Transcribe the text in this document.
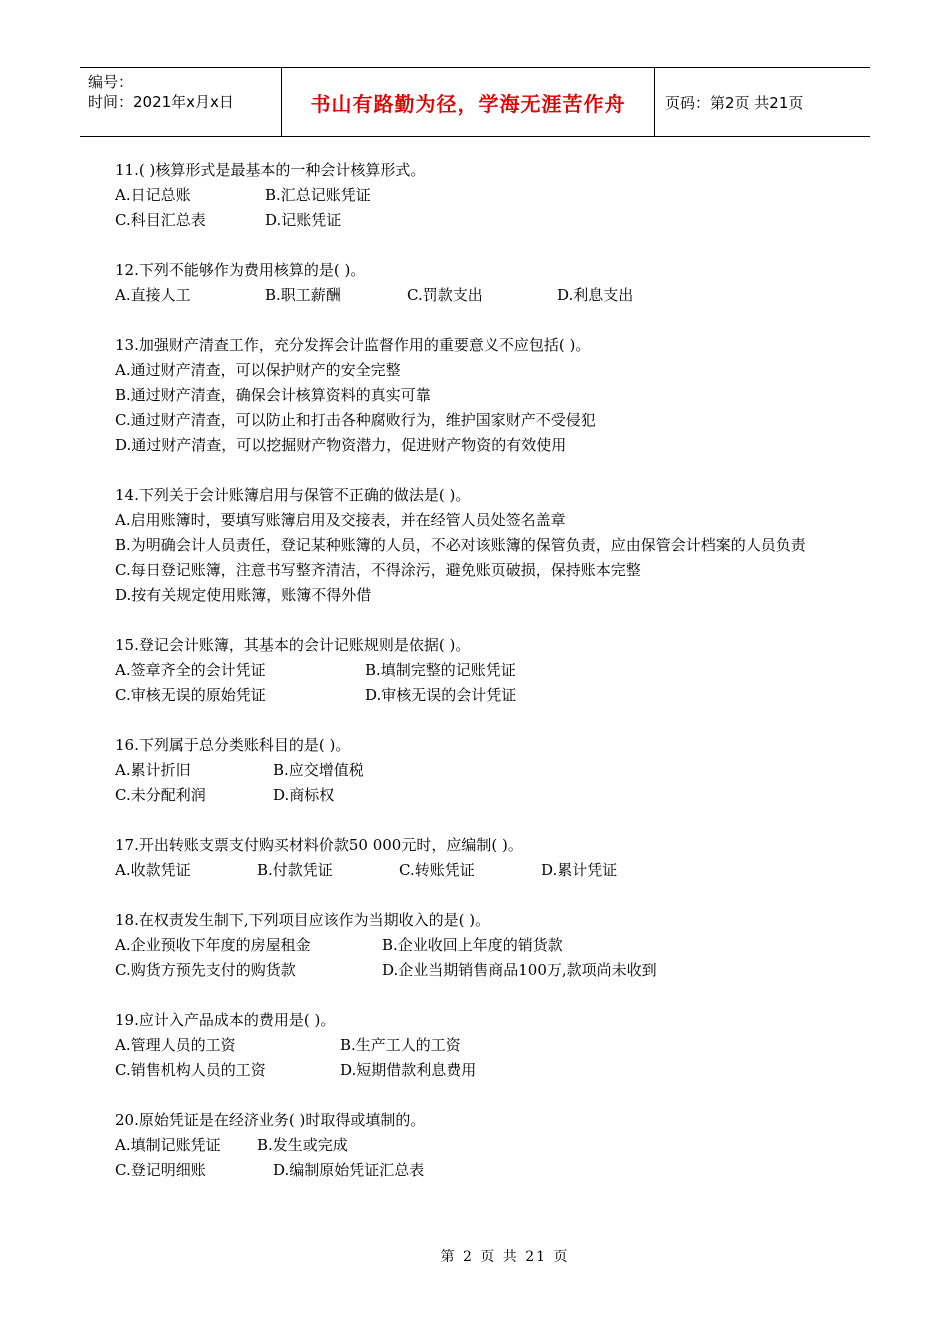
编号：
时间：2021年x月x日	书山有路勤为径，学海无涯苦作舟	页码：第2页 共21页
11.( )核算形式是最基本的一种会计核算形式。
A.日记总账	B.汇总记账凭证
C.科目汇总表	D.记账凭证
12.下列不能够作为费用核算的是( )。
A.直接人工	B.职工薪酬	C.罚款支出	D.利息支出
13.加强财产清查工作，充分发挥会计监督作用的重要意义不应包括( )。
A.通过财产清查，可以保护财产的安全完整
B.通过财产清查，确保会计核算资料的真实可靠
C.通过财产清查，可以防止和打击各种腐败行为，维护国家财产不受侵犯
D.通过财产清查，可以挖掘财产物资潜力，促进财产物资的有效使用
14.下列关于会计账簿启用与保管不正确的做法是( )。
A.启用账簿时，要填写账簿启用及交接表，并在经管人员处签名盖章
B.为明确会计人员责任，登记某种账簿的人员，不必对该账簿的保管负责，应由保管会计档案的人员负责
C.每日登记账簿，注意书写整齐清洁，不得涂污，避免账页破损，保持账本完整
D.按有关规定使用账簿，账簿不得外借
15.登记会计账簿，其基本的会计记账规则是依据( )。
A.签章齐全的会计凭证	B.填制完整的记账凭证
C.审核无误的原始凭证	D.审核无误的会计凭证
16.下列属于总分类账科目的是( )。
A.累计折旧	B.应交增值税
C.未分配利润	D.商标权
17.开出转账支票支付购买材料价款50 000元时，应编制( )。
A.收款凭证	B.付款凭证	C.转账凭证	D.累计凭证
18.在权责发生制下,下列项目应该作为当期收入的是( )。
A.企业预收下年度的房屋租金	B.企业收回上年度的销货款
C.购货方预先支付的购货款	D.企业当期销售商品100万,款项尚未收到
19.应计入产品成本的费用是( )。
A.管理人员的工资	B.生产工人的工资
C.销售机构人员的工资	D.短期借款利息费用
20.原始凭证是在经济业务( )时取得或填制的。
A.填制记账凭证 B.发生或完成
C.登记明细账	D.编制原始凭证汇总表
第 2 页 共 21 页
